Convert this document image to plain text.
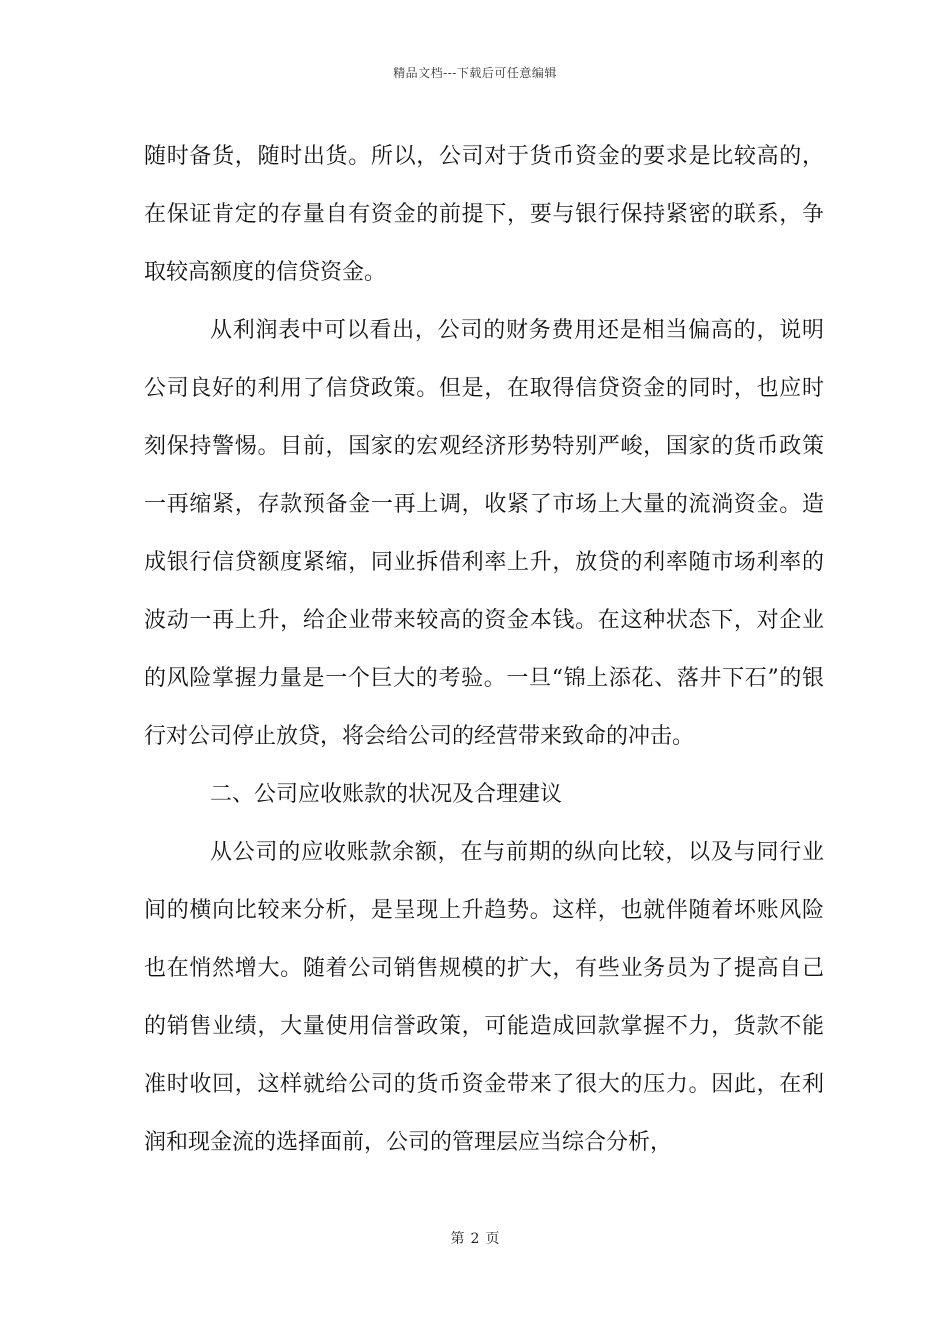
精品文档---下载后可任意编辑

随时备货，随时出货。所以，公司对于货币资金的要求是比较高的，在保证肯定的存量自有资金的前提下，要与银行保持紧密的联系，争取较高额度的信贷资金。

从利润表中可以看出，公司的财务费用还是相当偏高的，说明公司良好的利用了信贷政策。但是，在取得信贷资金的同时，也应时刻保持警惕。目前，国家的宏观经济形势特别严峻，国家的货币政策一再缩紧，存款预备金一再上调，收紧了市场上大量的流淌资金。造成银行信贷额度紧缩，同业拆借利率上升，放贷的利率随市场利率的波动一再上升，给企业带来较高的资金本钱。在这种状态下，对企业的风险掌握力量是一个巨大的考验。一旦“锦上添花、落井下石”的银行对公司停止放贷，将会给公司的经营带来致命的冲击。

二、公司应收账款的状况及合理建议

从公司的应收账款余额，在与前期的纵向比较，以及与同行业间的横向比较来分析，是呈现上升趋势。这样，也就伴随着坏账风险也在悄然增大。随着公司销售规模的扩大，有些业务员为了提高自己的销售业绩，大量使用信誉政策，可能造成回款掌握不力，货款不能准时收回，这样就给公司的货币资金带来了很大的压力。因此，在利润和现金流的选择面前，公司的管理层应当综合分析，

第 2 页
